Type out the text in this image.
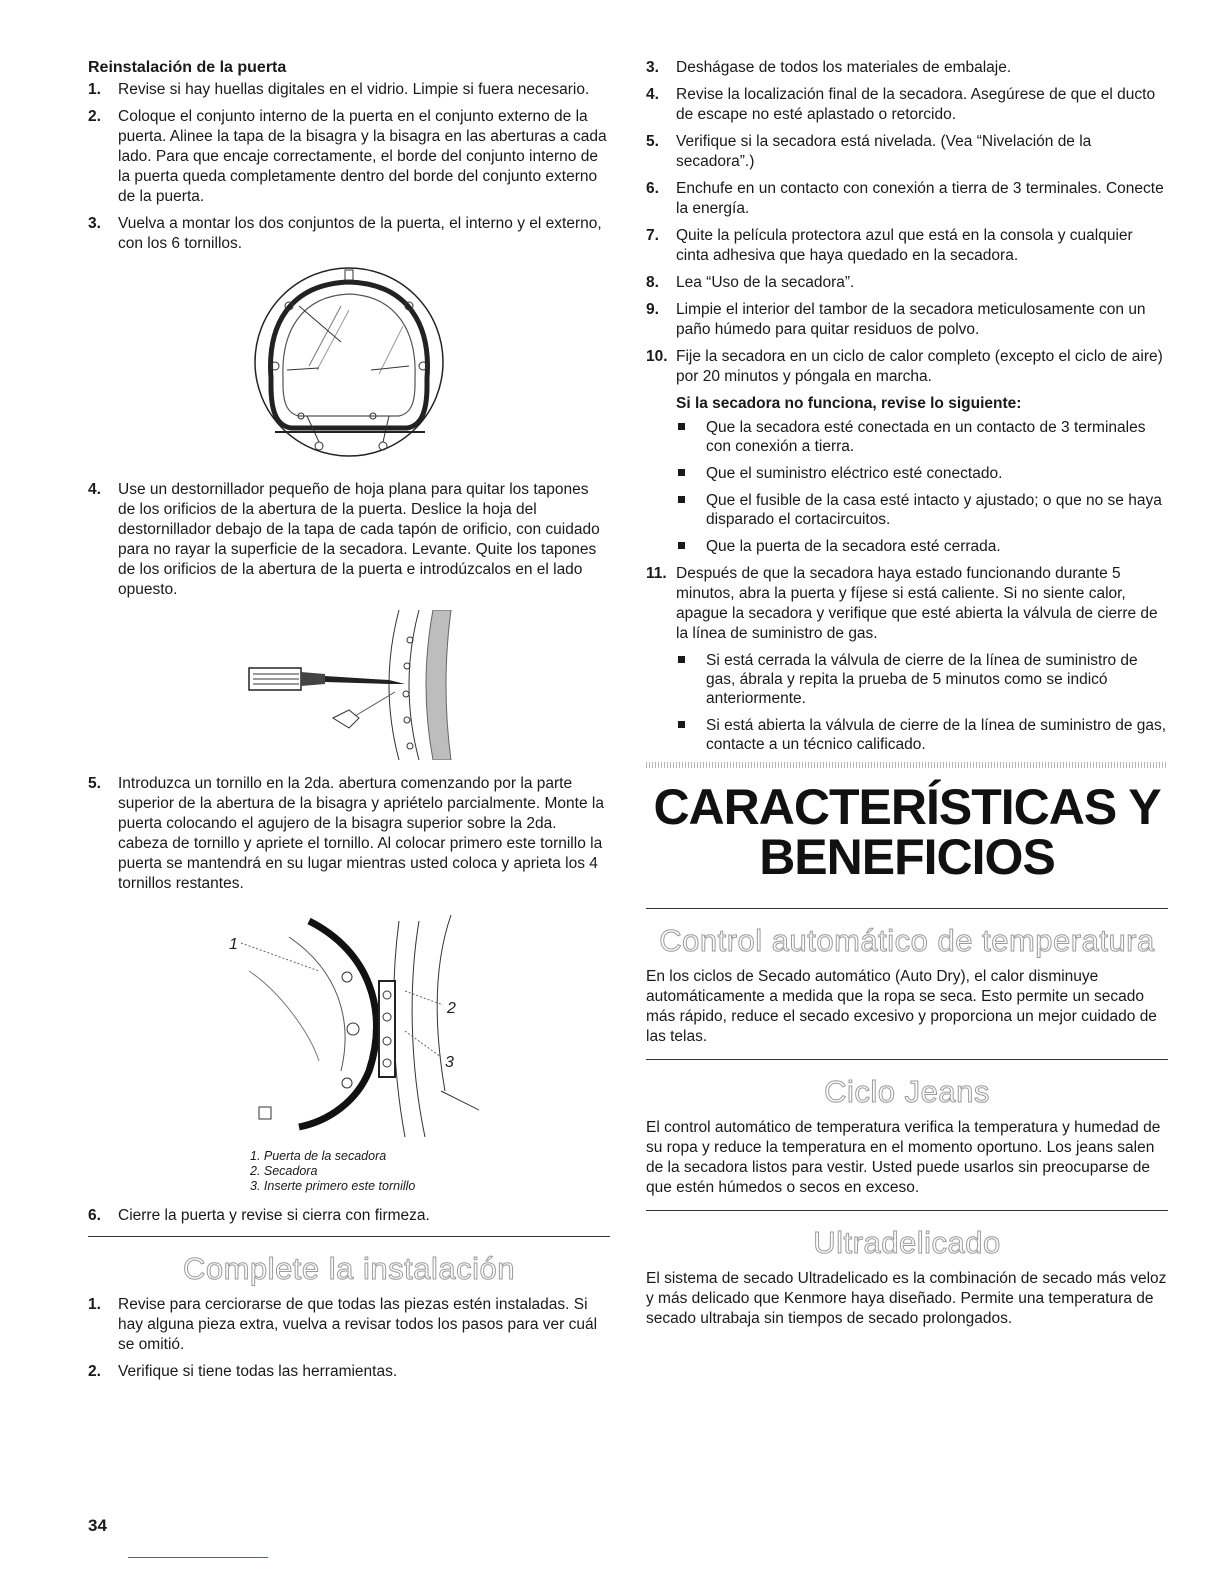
Reinstalación de la puerta
1. Revise si hay huellas digitales en el vidrio. Limpie si fuera necesario.
2. Coloque el conjunto interno de la puerta en el conjunto externo de la puerta. Alinee la tapa de la bisagra y la bisagra en las aberturas a cada lado. Para que encaje correctamente, el borde del conjunto interno de la puerta queda completamente dentro del borde del conjunto externo de la puerta.
3. Vuelva a montar los dos conjuntos de la puerta, el interno y el externo, con los 6 tornillos.
4. Use un destornillador pequeño de hoja plana para quitar los tapones de los orificios de la abertura de la puerta. Deslice la hoja del destornillador debajo de la tapa de cada tapón de orificio, con cuidado para no rayar la superficie de la secadora. Levante. Quite los tapones de los orificios de la abertura de la puerta e introdúzcalos en el lado opuesto.
5. Introduzca un tornillo en la 2da. abertura comenzando por la parte superior de la abertura de la bisagra y apriételo parcialmente. Monte la puerta colocando el agujero de la bisagra superior sobre la 2da. cabeza de tornillo y apriete el tornillo. Al colocar primero este tornillo la puerta se mantendrá en su lugar mientras usted coloca y aprieta los 4 tornillos restantes.
1
2
3
1. Puerta de la secadora
2. Secadora
3. Inserte primero este tornillo
6. Cierre la puerta y revise si cierra con firmeza.
Complete la instalación
1. Revise para cerciorarse de que todas las piezas estén instaladas. Si hay alguna pieza extra, vuelva a revisar todos los pasos para ver cuál se omitió.
2. Verifique si tiene todas las herramientas.
3. Deshágase de todos los materiales de embalaje.
4. Revise la localización final de la secadora. Asegúrese de que el ducto de escape no esté aplastado o retorcido.
5. Verifique si la secadora está nivelada. (Vea “Nivelación de la secadora”.)
6. Enchufe en un contacto con conexión a tierra de 3 terminales. Conecte la energía.
7. Quite la película protectora azul que está en la consola y cualquier cinta adhesiva que haya quedado en la secadora.
8. Lea “Uso de la secadora”.
9. Limpie el interior del tambor de la secadora meticulosamente con un paño húmedo para quitar residuos de polvo.
10. Fije la secadora en un ciclo de calor completo (excepto el ciclo de aire) por 20 minutos y póngala en marcha.
Si la secadora no funciona, revise lo siguiente:
Que la secadora esté conectada en un contacto de 3 terminales con conexión a tierra.
Que el suministro eléctrico esté conectado.
Que el fusible de la casa esté intacto y ajustado; o que no se haya disparado el cortacircuitos.
Que la puerta de la secadora esté cerrada.
11. Después de que la secadora haya estado funcionando durante 5 minutos, abra la puerta y fíjese si está caliente. Si no siente calor, apague la secadora y verifique que esté abierta la válvula de cierre de la línea de suministro de gas.
Si está cerrada la válvula de cierre de la línea de suministro de gas, ábrala y repita la prueba de 5 minutos como se indicó anteriormente.
Si está abierta la válvula de cierre de la línea de suministro de gas, contacte a un técnico calificado.
CARACTERÍSTICAS Y
BENEFICIOS
Control automático de temperatura

En los ciclos de Secado automático (Auto Dry), el calor disminuye automáticamente a medida que la ropa se seca. Esto permite un secado más rápido, reduce el secado excesivo y proporciona un mejor cuidado de las telas.

Ciclo Jeans

El control automático de temperatura verifica la temperatura y humedad de su ropa y reduce la temperatura en el momento oportuno. Los jeans salen de la secadora listos para vestir. Usted puede usarlos sin preocuparse de que estén húmedos o secos en exceso.

Ultradelicado

El sistema de secado Ultradelicado es la combinación de secado más veloz y más delicado que Kenmore haya diseñado. Permite una temperatura de secado ultrabaja sin tiempos de secado prolongados.

34
